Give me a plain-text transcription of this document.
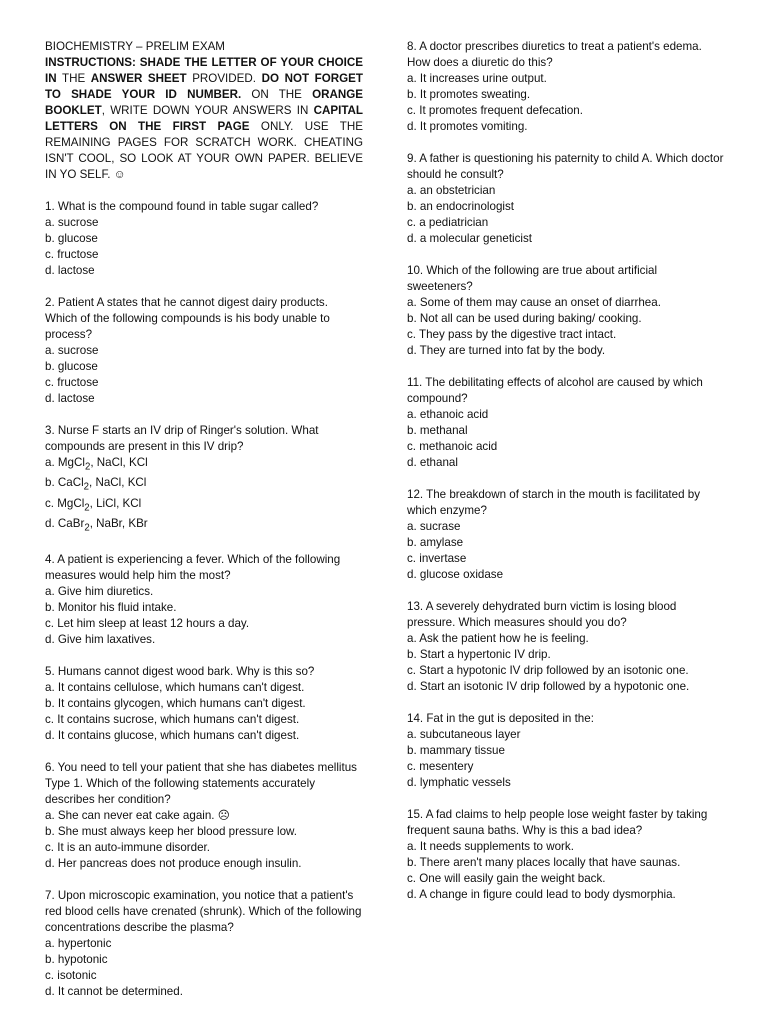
BIOCHEMISTRY – PRELIM EXAM
INSTRUCTIONS: SHADE THE LETTER OF YOUR CHOICE IN THE ANSWER SHEET PROVIDED. DO NOT FORGET TO SHADE YOUR ID NUMBER. ON THE ORANGE BOOKLET, WRITE DOWN YOUR ANSWERS IN CAPITAL LETTERS ON THE FIRST PAGE ONLY. USE THE REMAINING PAGES FOR SCRATCH WORK. CHEATING ISN'T COOL, SO LOOK AT YOUR OWN PAPER. BELIEVE IN YO SELF. ☺
1. What is the compound found in table sugar called?
a. sucrose
b. glucose
c. fructose
d. lactose
2. Patient A states that he cannot digest dairy products. Which of the following compounds is his body unable to process?
a. sucrose
b. glucose
c. fructose
d. lactose
3. Nurse F starts an IV drip of Ringer's solution. What compounds are present in this IV drip?
a. MgCl$_2$, NaCl, KCl
b. CaCl$_2$, NaCl, KCl
c. MgCl$_2$, LiCl, KCl
d. CaBr$_2$, NaBr, KBr
4. A patient is experiencing a fever. Which of the following measures would help him the most?
a. Give him diuretics.
b. Monitor his fluid intake.
c. Let him sleep at least 12 hours a day.
d. Give him laxatives.
5. Humans cannot digest wood bark. Why is this so?
a. It contains cellulose, which humans can't digest.
b. It contains glycogen, which humans can't digest.
c. It contains sucrose, which humans can't digest.
d. It contains glucose, which humans can't digest.
6. You need to tell your patient that she has diabetes mellitus Type 1. Which of the following statements accurately describes her condition?
a. She can never eat cake again. ☹
b. She must always keep her blood pressure low.
c. It is an auto-immune disorder.
d. Her pancreas does not produce enough insulin.
7. Upon microscopic examination, you notice that a patient's red blood cells have crenated (shrunk). Which of the following concentrations describe the plasma?
a. hypertonic
b. hypotonic
c. isotonic
d. It cannot be determined.
8. A doctor prescribes diuretics to treat a patient's edema. How does a diuretic do this?
a. It increases urine output.
b. It promotes sweating.
c. It promotes frequent defecation.
d. It promotes vomiting.
9. A father is questioning his paternity to child A. Which doctor should he consult?
a. an obstetrician
b. an endocrinologist
c. a pediatrician
d. a molecular geneticist
10. Which of the following are true about artificial sweeteners?
a. Some of them may cause an onset of diarrhea.
b. Not all can be used during baking/ cooking.
c. They pass by the digestive tract intact.
d. They are turned into fat by the body.
11. The debilitating effects of alcohol are caused by which compound?
a. ethanoic acid
b. methanal
c. methanoic acid
d. ethanal
12. The breakdown of starch in the mouth is facilitated by which enzyme?
a. sucrase
b. amylase
c. invertase
d. glucose oxidase
13. A severely dehydrated burn victim is losing blood pressure. Which measures should you do?
a. Ask the patient how he is feeling.
b. Start a hypertonic IV drip.
c. Start a hypotonic IV drip followed by an isotonic one.
d. Start an isotonic IV drip followed by a hypotonic one.
14. Fat in the gut is deposited in the:
a. subcutaneous layer
b. mammary tissue
c. mesentery
d. lymphatic vessels
15. A fad claims to help people lose weight faster by taking frequent sauna baths. Why is this a bad idea?
a. It needs supplements to work.
b. There aren't many places locally that have saunas.
c. One will easily gain the weight back.
d. A change in figure could lead to body dysmorphia.
